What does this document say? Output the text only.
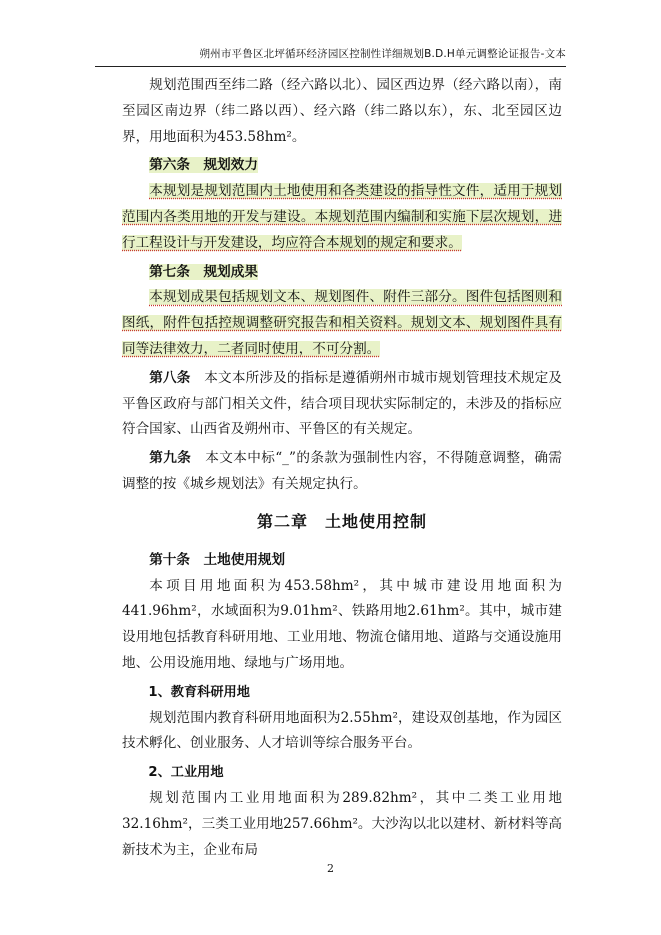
朔州市平鲁区北坪循环经济园区控制性详细规划B.D.H单元调整论证报告-文本

规划范围西至纬二路（经六路以北）、园区西边界（经六路以南），南至园区南边界（纬二路以西）、经六路（纬二路以东），东、北至园区边界，用地面积为453.58hm²。

第六条　规划效力

本规划是规划范围内土地使用和各类建设的指导性文件，适用于规划范围内各类用地的开发与建设。本规划范围内编制和实施下层次规划，进行工程设计与开发建设，均应符合本规划的规定和要求。

第七条　规划成果

本规划成果包括规划文本、规划图件、附件三部分。图件包括图则和图纸，附件包括控规调整研究报告和相关资料。规划文本、规划图件具有同等法律效力，二者同时使用，不可分割。

第八条　 本文本所涉及的指标是遵循朔州市城市规划管理技术规定及平鲁区政府与部门相关文件，结合项目现状实际制定的，未涉及的指标应符合国家、山西省及朔州市、平鲁区的有关规定。

第九条　 本文本中标“_”的条款为强制性内容，不得随意调整，确需调整的按《城乡规划法》有关规定执行。

第二章　土地使用控制

第十条　土地使用规划

本项目用地面积为453.58hm²，其中城市建设用地面积为441.96hm²，水域面积为9.01hm²、铁路用地2.61hm²。其中，城市建设用地包括教育科研用地、工业用地、物流仓储用地、道路与交通设施用地、公用设施用地、绿地与广场用地。

1、教育科研用地

规划范围内教育科研用地面积为2.55hm²，建设双创基地，作为园区技术孵化、创业服务、人才培训等综合服务平台。

2、工业用地

规划范围内工业用地面积为289.82hm²，其中二类工业用地32.16hm²，三类工业用地257.66hm²。大沙沟以北以建材、新材料等高新技术为主，企业布局

2
